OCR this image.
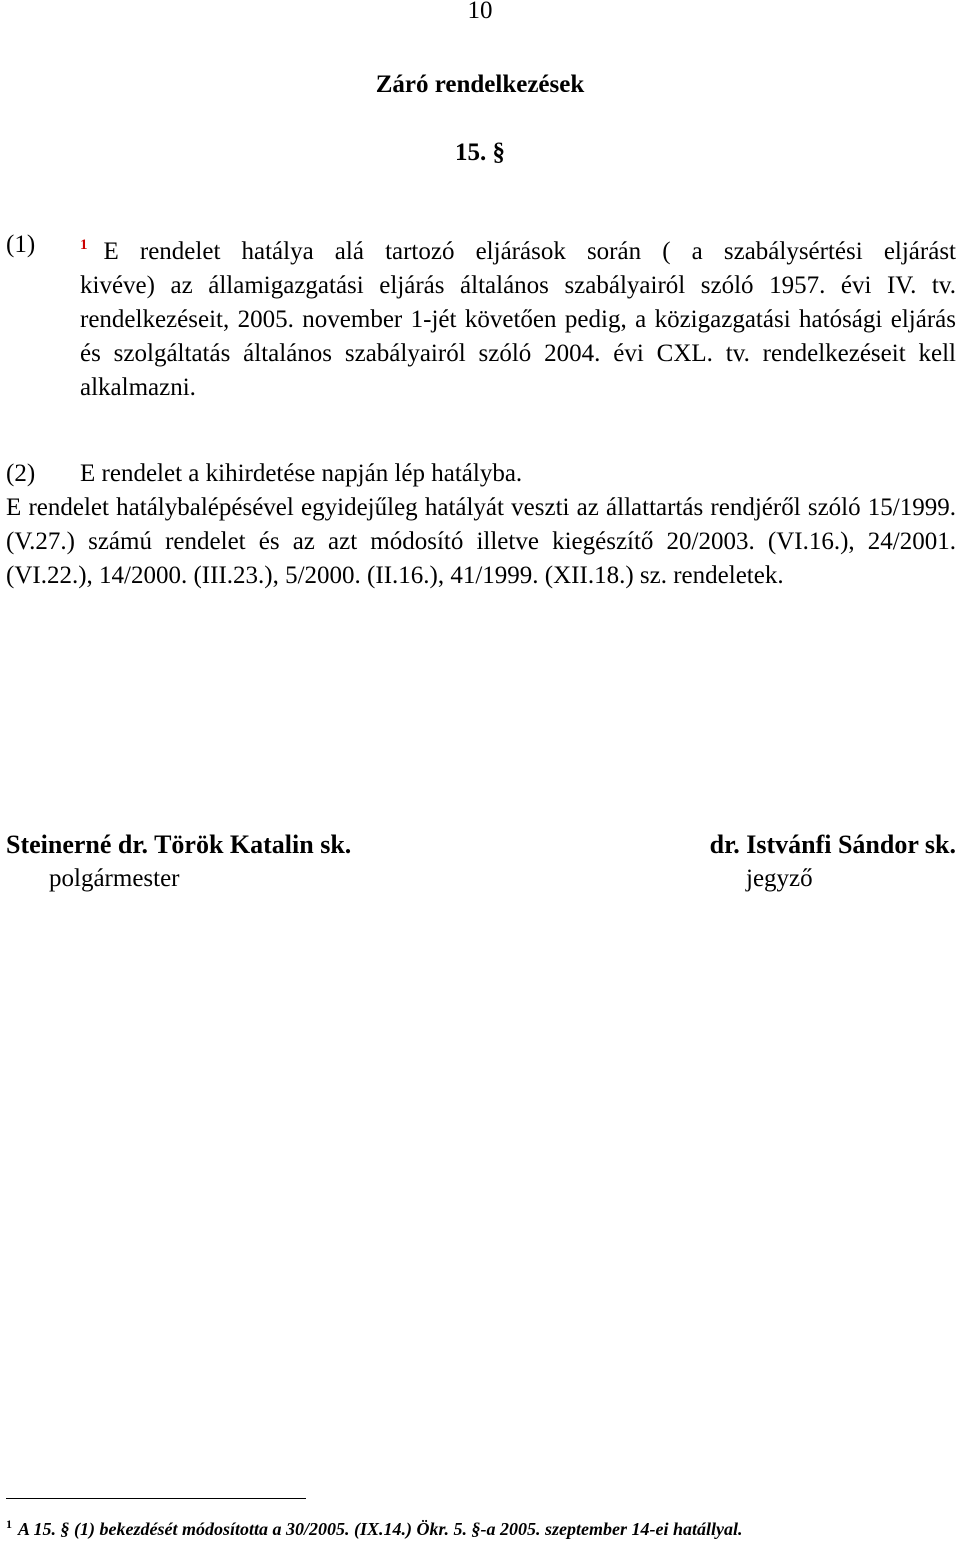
10
Záró rendelkezések
15. §
(1)	$^1$ E rendelet hatálya alá tartozó eljárások során ( a szabálysértési eljárást
kivéve) az államigazgatási eljárás általános szabályairól szóló 1957. évi IV. tv. rendelkezéseit, 2005. november 1-jét követően pedig, a közigazgatási hatósági eljárás és szolgáltatás általános szabályairól szóló 2004. évi CXL. tv. rendelkezéseit kell alkalmazni.
(2)	E rendelet a kihirdetése napján lép hatályba.
E rendelet hatálybalépésével egyidejűleg hatályát veszti az állattartás rendjéről szóló 15/1999. (V.27.) számú rendelet és az azt módosító illetve kiegészítő 20/2003. (VI.16.), 24/2001. (VI.22.), 14/2000. (III.23.), 5/2000. (II.16.), 41/1999. (XII.18.) sz. rendeletek.
Steinerné dr. Török Katalin sk.
polgármester
dr. Istvánfi Sándor sk.
jegyző
$^1$ A 15. § (1) bekezdését módosította a 30/2005. (IX.14.) Ökr. 5. §-a 2005. szeptember 14-ei hatállyal.
